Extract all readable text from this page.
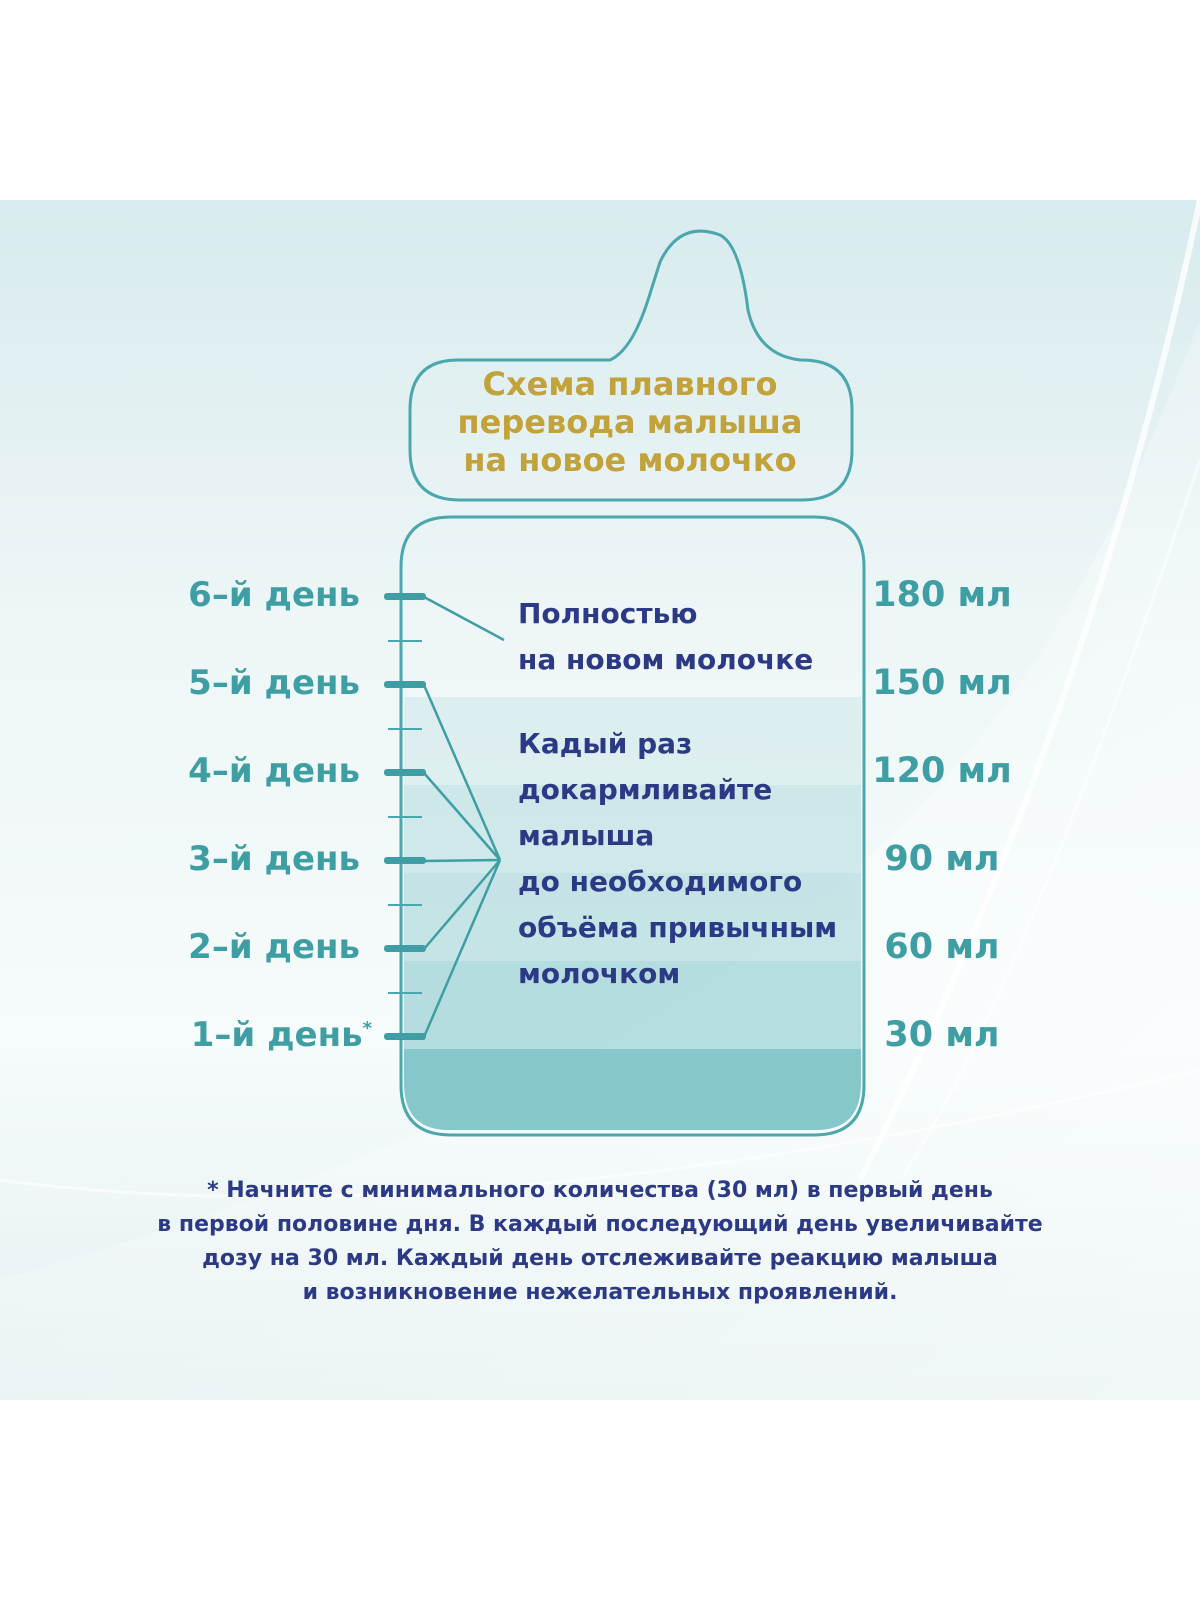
Схема плавного
перевода малыша
на новое молочко
6–й день
5–й день
4–й день
3–й день
2–й день
1–й день*
180 мл
150 мл
120 мл
90 мл
60 мл
30 мл
Полностью
на новом молочке
Кадый раз
докармливайте
малыша
до необходимого
объёма привычным
молочком
* Начните с минимального количества (30 мл) в первый день
в первой половине дня. В каждый последующий день увеличивайте
дозу на 30 мл. Каждый день отслеживайте реакцию малыша
и возникновение нежелательных проявлений.
